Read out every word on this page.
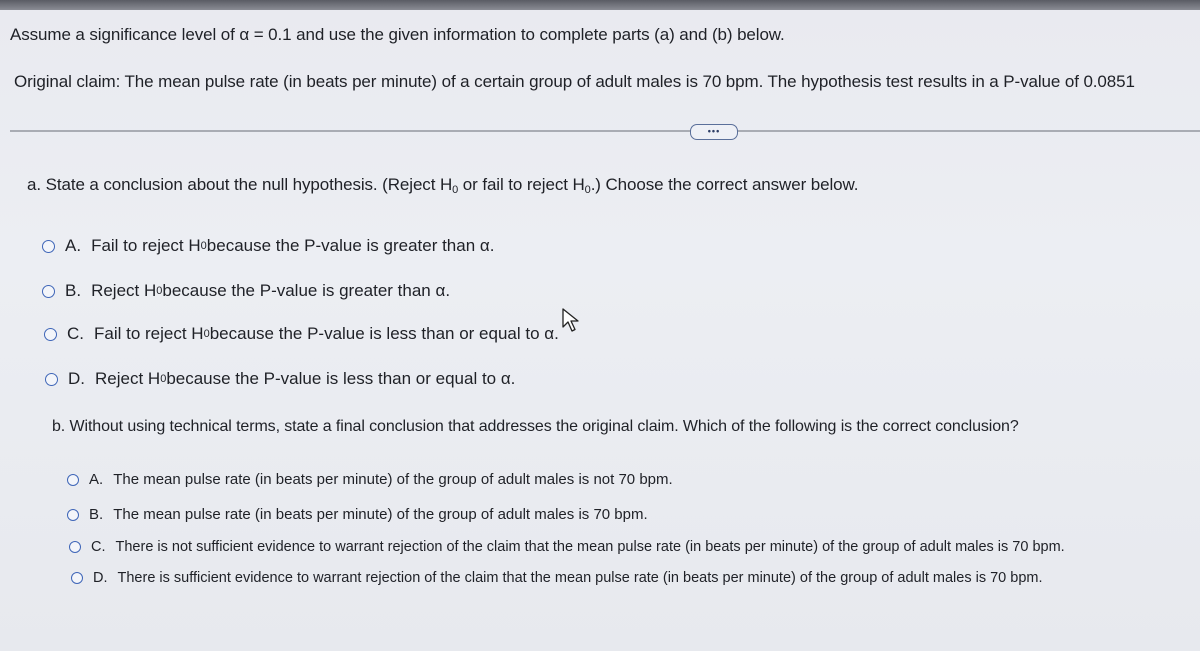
Assume a significance level of α = 0.1 and use the given information to complete parts (a) and (b) below.
Original claim: The mean pulse rate (in beats per minute) of a certain group of adult males is 70 bpm. The hypothesis test results in a P-value of 0.0851
•••
a. State a conclusion about the null hypothesis. (Reject $H_0$ or fail to reject $H_0$.) Choose the correct answer below.
A. Fail to reject H 0 because the P-value is greater than α.
B. Reject H 0 because the P-value is greater than α.
C. Fail to reject H 0 because the P-value is less than or equal to α.
D. Reject H 0 because the P-value is less than or equal to α.
b. Without using technical terms, state a final conclusion that addresses the original claim. Which of the following is the correct conclusion?
A. The mean pulse rate (in beats per minute) of the group of adult males is not 70 bpm.
B. The mean pulse rate (in beats per minute) of the group of adult males is 70 bpm.
C. There is not sufficient evidence to warrant rejection of the claim that the mean pulse rate (in beats per minute) of the group of adult males is 70 bpm.
D. There is sufficient evidence to warrant rejection of the claim that the mean pulse rate (in beats per minute) of the group of adult males is 70 bpm.
